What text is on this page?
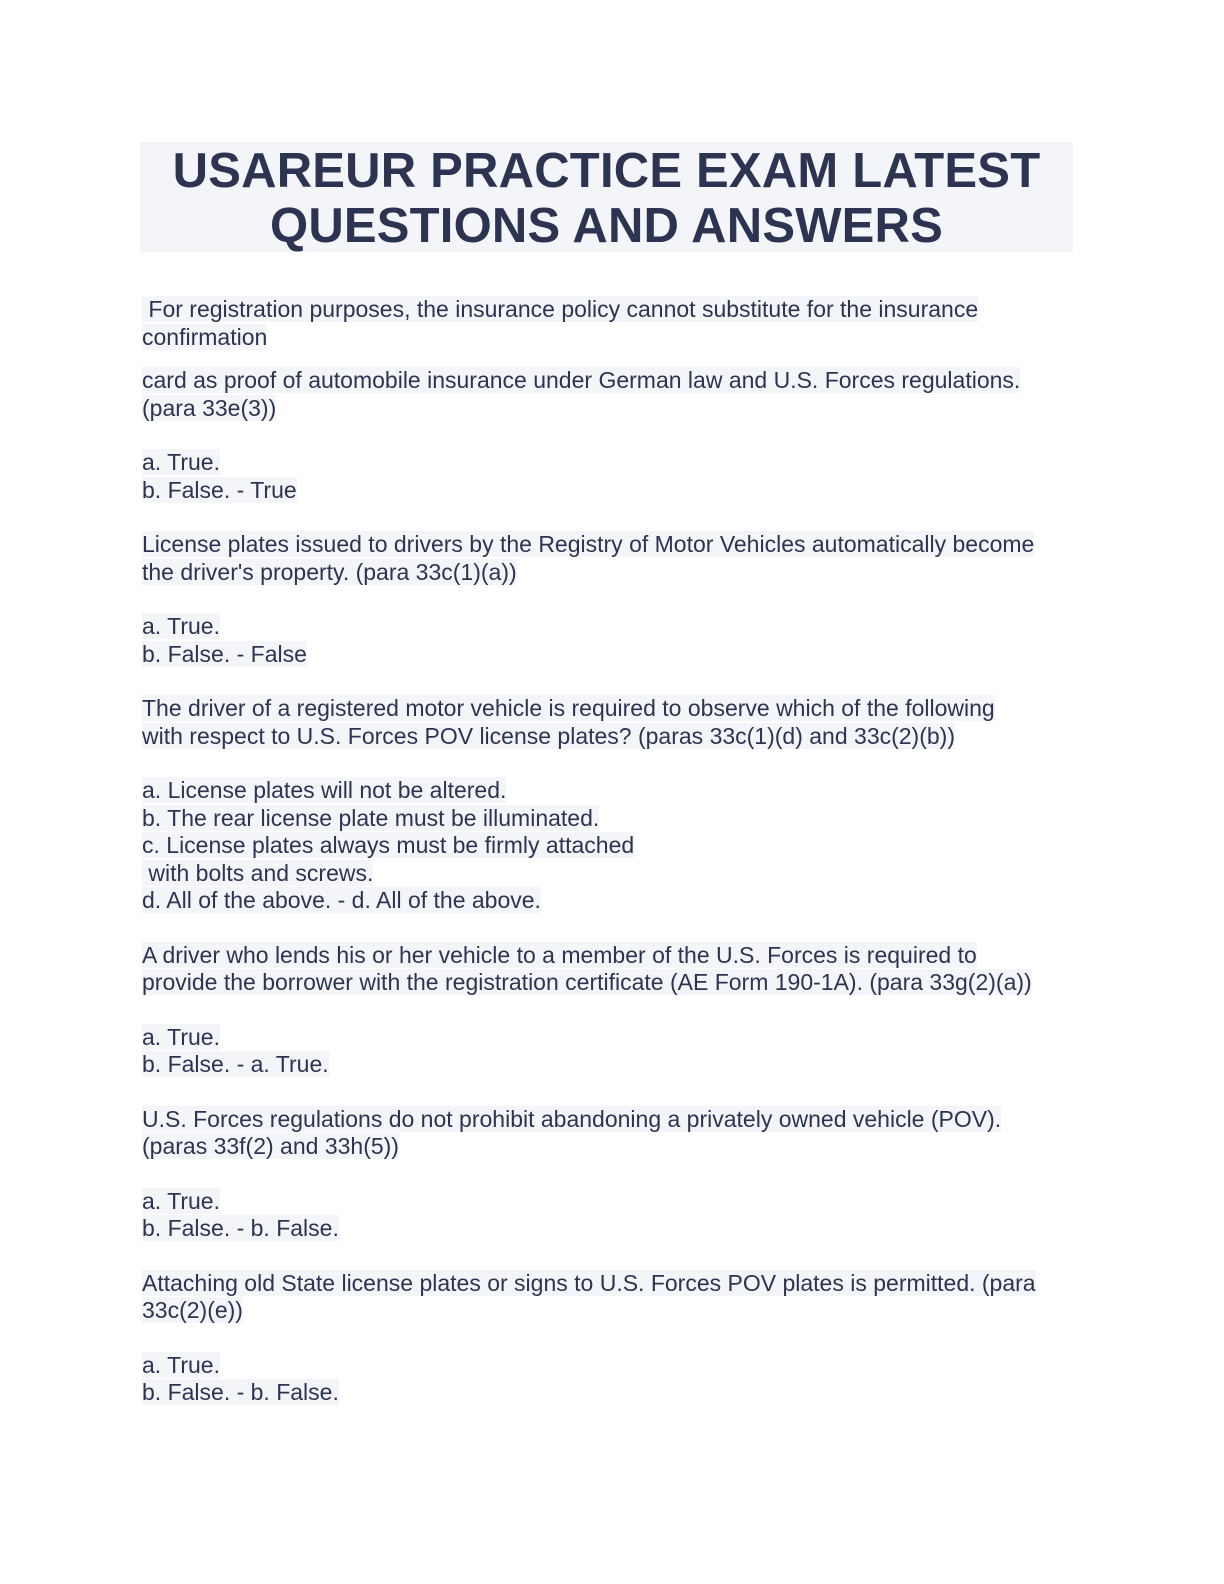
USAREUR PRACTICE EXAM LATEST
QUESTIONS AND ANSWERS
For registration purposes, the insurance policy cannot substitute for the insurance
confirmation
card as proof of automobile insurance under German law and U.S. Forces regulations.
(para 33e(3))
a. True.
b. False. - True
License plates issued to drivers by the Registry of Motor Vehicles automatically become
the driver's property. (para 33c(1)(a))
a. True.
b. False. - False
The driver of a registered motor vehicle is required to observe which of the following
with respect to U.S. Forces POV license plates? (paras 33c(1)(d) and 33c(2)(b))
a. License plates will not be altered.
b. The rear license plate must be illuminated.
c. License plates always must be firmly attached
with bolts and screws.
d. All of the above. - d. All of the above.
A driver who lends his or her vehicle to a member of the U.S. Forces is required to
provide the borrower with the registration certificate (AE Form 190-1A). (para 33g(2)(a))
a. True.
b. False. - a. True.
U.S. Forces regulations do not prohibit abandoning a privately owned vehicle (POV).
(paras 33f(2) and 33h(5))
a. True.
b. False. - b. False.
Attaching old State license plates or signs to U.S. Forces POV plates is permitted. (para
33c(2)(e))
a. True.
b. False. - b. False.
